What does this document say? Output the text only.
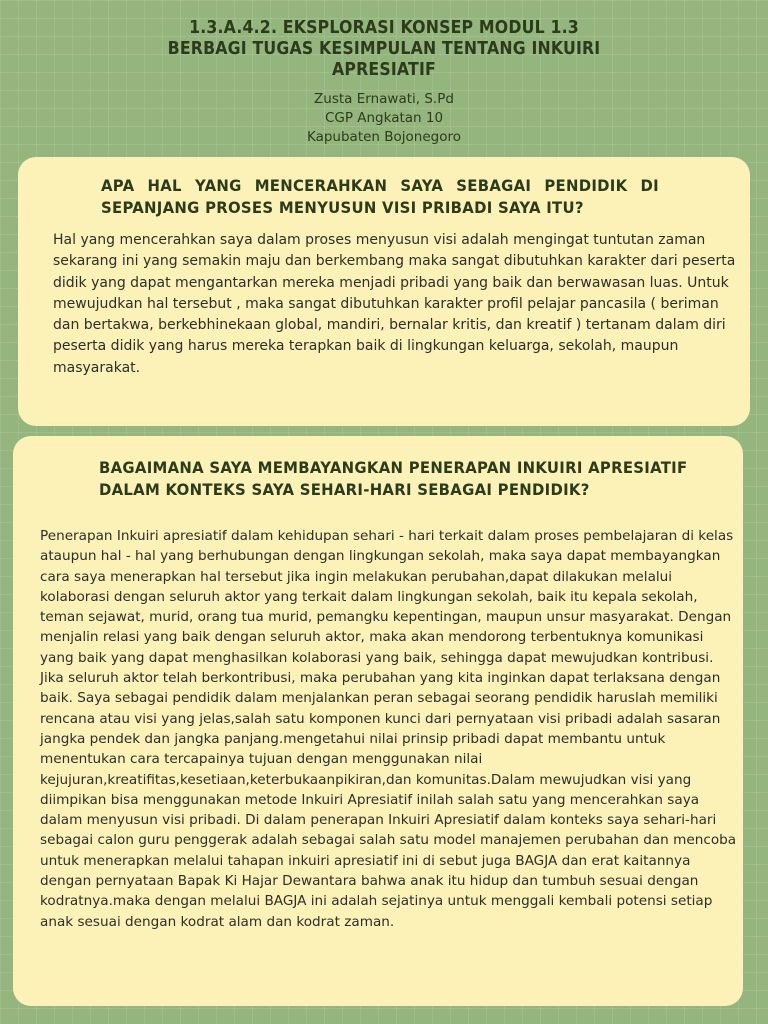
1.3.A.4.2. EKSPLORASI KONSEP MODUL 1.3
BERBAGI TUGAS KESIMPULAN TENTANG INKUIRI
APRESIATIF
Zusta Ernawati, S.Pd
CGP Angkatan 10
Kapubaten Bojonegoro
APA HAL YANG MENCERAHKAN SAYA SEBAGAI PENDIDIK DI
SEPANJANG PROSES MENYUSUN VISI PRIBADI SAYA ITU?

Hal yang mencerahkan saya dalam proses menyusun visi adalah mengingat tuntutan zaman sekarang ini yang semakin maju dan berkembang maka sangat dibutuhkan karakter dari peserta didik yang dapat mengantarkan mereka menjadi pribadi yang baik dan berwawasan luas. Untuk mewujudkan hal tersebut , maka sangat dibutuhkan karakter profil pelajar pancasila ( beriman dan bertakwa, berkebhinekaan global, mandiri, bernalar kritis, dan kreatif ) tertanam dalam diri peserta didik yang harus mereka terapkan baik di lingkungan keluarga, sekolah, maupun masyarakat.

BAGAIMANA SAYA MEMBAYANGKAN PENERAPAN INKUIRI APRESIATIF
DALAM KONTEKS SAYA SEHARI-HARI SEBAGAI PENDIDIK?

Penerapan Inkuiri apresiatif dalam kehidupan sehari - hari terkait dalam proses pembelajaran di kelas ataupun hal - hal yang berhubungan dengan lingkungan sekolah, maka saya dapat membayangkan cara saya menerapkan hal tersebut jika ingin melakukan perubahan,dapat dilakukan melalui kolaborasi dengan seluruh aktor yang terkait dalam lingkungan sekolah, baik itu kepala sekolah, teman sejawat, murid, orang tua murid, pemangku kepentingan, maupun unsur masyarakat. Dengan menjalin relasi yang baik dengan seluruh aktor, maka akan mendorong terbentuknya komunikasi yang baik yang dapat menghasilkan kolaborasi yang baik, sehingga dapat mewujudkan kontribusi. Jika seluruh aktor telah berkontribusi, maka perubahan yang kita inginkan dapat terlaksana dengan baik. Saya sebagai pendidik dalam menjalankan peran sebagai seorang pendidik haruslah memiliki rencana atau visi yang jelas,salah satu komponen kunci dari pernyataan visi pribadi adalah sasaran jangka pendek dan jangka panjang.mengetahui nilai prinsip pribadi dapat membantu untuk menentukan cara tercapainya tujuan dengan menggunakan nilai kejujuran,kreatifitas,kesetiaan,keterbukaanpikiran,dan komunitas.Dalam mewujudkan visi yang diimpikan bisa menggunakan metode Inkuiri Apresiatif inilah salah satu yang mencerahkan saya dalam menyusun visi pribadi. Di dalam penerapan Inkuiri Apresiatif dalam konteks saya sehari-hari sebagai calon guru penggerak adalah sebagai salah satu model manajemen perubahan dan mencoba untuk menerapkan melalui tahapan inkuiri apresiatif ini di sebut juga BAGJA dan erat kaitannya dengan pernyataan Bapak Ki Hajar Dewantara bahwa anak itu hidup dan tumbuh sesuai dengan kodratnya.maka dengan melalui BAGJA ini adalah sejatinya untuk menggali kembali potensi setiap anak sesuai dengan kodrat alam dan kodrat zaman.
